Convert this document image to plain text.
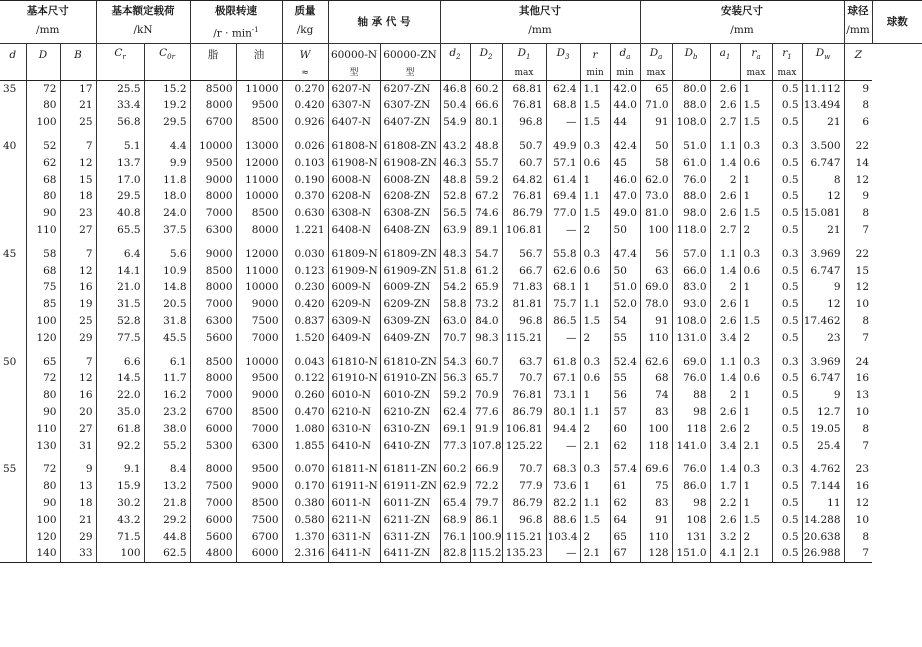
基本尺寸			基本额定载荷		极限转速		质量	轴 承 代 号		其他尺寸						安装尺寸						球径	球数
/mm			/kN		$/r \cdot \min^{-1}$		/kg			/mm						/mm						/mm	
d	D	B	$C_r$	$C_{0r}$	脂	油	W	60000-N	60000-ZN	$d_2$	$D_2$	$D_1$	$D_3$	r	$d_a$	$D_a$	$D_b$	$a_1$	$r_a$	$r_1$	$D_w$	Z	
							≈	型	型			max		min	min	max			max	max			
35	72	17	25.5	15.2	8500	11000	0.270	6207-N	6207-ZN	46.8	60.2	68.81	62.4	1.1	42.0	65	80.0	2.6	1	0.5	11.112	9	
	80	21	33.4	19.2	8000	9500	0.420	6307-N	6307-ZN	50.4	66.6	76.81	68.8	1.5	44.0	71.0	88.0	2.6	1.5	0.5	13.494	8	
	100	25	56.8	29.5	6700	8500	0.926	6407-N	6407-ZN	54.9	80.1	96.8	—	1.5	44	91	108.0	2.7	1.5	0.5	21	6	

40	52	7	5.1	4.4	10000	13000	0.026	61808-N	61808-ZN	43.2	48.8	50.7	49.9	0.3	42.4	50	51.0	1.1	0.3	0.3	3.500	22	
	62	12	13.7	9.9	9500	12000	0.103	61908-N	61908-ZN	46.3	55.7	60.7	57.1	0.6	45	58	61.0	1.4	0.6	0.5	6.747	14	
	68	15	17.0	11.8	9000	11000	0.190	6008-N	6008-ZN	48.8	59.2	64.82	61.4	1	46.0	62.0	76.0	2	1	0.5	8	12	
	80	18	29.5	18.0	8000	10000	0.370	6208-N	6208-ZN	52.8	67.2	76.81	69.4	1.1	47.0	73.0	88.0	2.6	1	0.5	12	9	
	90	23	40.8	24.0	7000	8500	0.630	6308-N	6308-ZN	56.5	74.6	86.79	77.0	1.5	49.0	81.0	98.0	2.6	1.5	0.5	15.081	8	
	110	27	65.5	37.5	6300	8000	1.221	6408-N	6408-ZN	63.9	89.1	106.81	—	2	50	100	118.0	2.7	2	0.5	21	7	

45	58	7	6.4	5.6	9000	12000	0.030	61809-N	61809-ZN	48.3	54.7	56.7	55.8	0.3	47.4	56	57.0	1.1	0.3	0.3	3.969	22	
	68	12	14.1	10.9	8500	11000	0.123	61909-N	61909-ZN	51.8	61.2	66.7	62.6	0.6	50	63	66.0	1.4	0.6	0.5	6.747	15	
	75	16	21.0	14.8	8000	10000	0.230	6009-N	6009-ZN	54.2	65.9	71.83	68.1	1	51.0	69.0	83.0	2	1	0.5	9	12	
	85	19	31.5	20.5	7000	9000	0.420	6209-N	6209-ZN	58.8	73.2	81.81	75.7	1.1	52.0	78.0	93.0	2.6	1	0.5	12	10	
	100	25	52.8	31.8	6300	7500	0.837	6309-N	6309-ZN	63.0	84.0	96.8	86.5	1.5	54	91	108.0	2.6	1.5	0.5	17.462	8	
	120	29	77.5	45.5	5600	7000	1.520	6409-N	6409-ZN	70.7	98.3	115.21	—	2	55	110	131.0	3.4	2	0.5	23	7	

50	65	7	6.6	6.1	8500	10000	0.043	61810-N	61810-ZN	54.3	60.7	63.7	61.8	0.3	52.4	62.6	69.0	1.1	0.3	0.3	3.969	24	
	72	12	14.5	11.7	8000	9500	0.122	61910-N	61910-ZN	56.3	65.7	70.7	67.1	0.6	55	68	76.0	1.4	0.6	0.5	6.747	16	
	80	16	22.0	16.2	7000	9000	0.260	6010-N	6010-ZN	59.2	70.9	76.81	73.1	1	56	74	88	2	1	0.5	9	13	
	90	20	35.0	23.2	6700	8500	0.470	6210-N	6210-ZN	62.4	77.6	86.79	80.1	1.1	57	83	98	2.6	1	0.5	12.7	10	
	110	27	61.8	38.0	6000	7000	1.080	6310-N	6310-ZN	69.1	91.9	106.81	94.4	2	60	100	118	2.6	2	0.5	19.05	8	
	130	31	92.2	55.2	5300	6300	1.855	6410-N	6410-ZN	77.3	107.8	125.22	—	2.1	62	118	141.0	3.4	2.1	0.5	25.4	7	

55	72	9	9.1	8.4	8000	9500	0.070	61811-N	61811-ZN	60.2	66.9	70.7	68.3	0.3	57.4	69.6	76.0	1.4	0.3	0.3	4.762	23	
	80	13	15.9	13.2	7500	9000	0.170	61911-N	61911-ZN	62.9	72.2	77.9	73.6	1	61	75	86.0	1.7	1	0.5	7.144	16	
	90	18	30.2	21.8	7000	8500	0.380	6011-N	6011-ZN	65.4	79.7	86.79	82.2	1.1	62	83	98	2.2	1	0.5	11	12	
	100	21	43.2	29.2	6000	7500	0.580	6211-N	6211-ZN	68.9	86.1	96.8	88.6	1.5	64	91	108	2.6	1.5	0.5	14.288	10	
	120	29	71.5	44.8	5600	6700	1.370	6311-N	6311-ZN	76.1	100.9	115.21	103.4	2	65	110	131	3.2	2	0.5	20.638	8	
	140	33	100	62.5	4800	6000	2.316	6411-N	6411-ZN	82.8	115.2	135.23	—	2.1	67	128	151.0	4.1	2.1	0.5	26.988	7	
